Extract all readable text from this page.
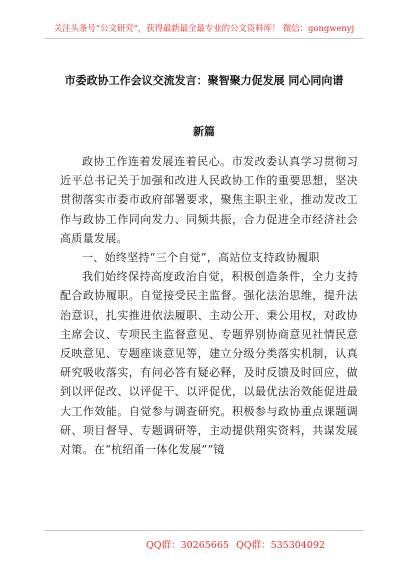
关注头条号“公文研究”，获得最新最全最专业的公文资料库！ 微信：gongwenyj
市委政协工作会议交流发言：聚智聚力促发展 同心同向谱
新篇

政协工作连着发展连着民心。市发改委认真学习贯彻习近平总书记关于加强和改进人民政协工作的重要思想，坚决贯彻落实市委市政府部署要求，聚焦主职主业，推动发改工作与政协工作同向发力、同频共振，合力促进全市经济社会高质量发展。

一、始终坚持“三个自觉”，高站位支持政协履职

我们始终保持高度政治自觉，积极创造条件，全力支持配合政协履职。自觉接受民主监督。强化法治思维，提升法治意识，扎实推进依法履职、主动公开、秉公用权，对政协主席会议、专项民主监督意见、专题界别协商意见社情民意反映意见、专题座谈意见等，建立分级分类落实机制，认真研究吸收落实，有问必答有疑必释，及时反馈及时回应，做到以评促改、以评促干、以评促优，以最优法治效能促进最大工作效能。自觉参与调查研究。积极参与政协重点课题调研、项目督导、专题调研等，主动提供翔实资料，共谋发展对策。在“杭绍甬一体化发展”“镜

QQ群：30265665 QQ群：535304092
